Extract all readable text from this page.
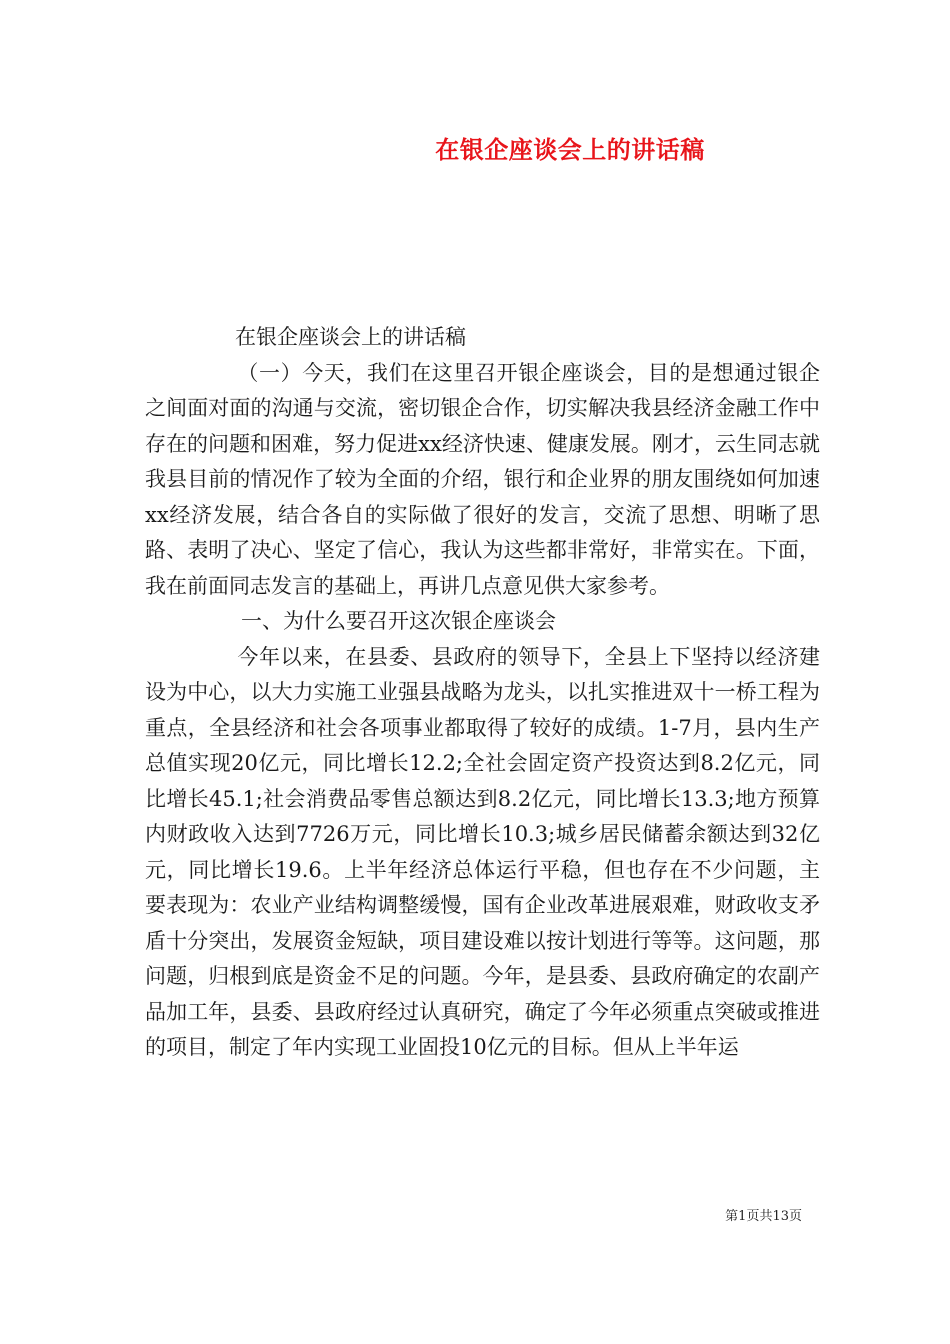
在银企座谈会上的讲话稿

在银企座谈会上的讲话稿

（一）今天，我们在这里召开银企座谈会，目的是想通过银企之间面对面的沟通与交流，密切银企合作，切实解决我县经济金融工作中存在的问题和困难，努力促进xx经济快速、健康发展。刚才，云生同志就我县目前的情况作了较为全面的介绍，银行和企业界的朋友围绕如何加速xx经济发展，结合各自的实际做了很好的发言，交流了思想、明晰了思路、表明了决心、坚定了信心，我认为这些都非常好，非常实在。下面，我在前面同志发言的基础上，再讲几点意见供大家参考。

一、为什么要召开这次银企座谈会

今年以来，在县委、县政府的领导下，全县上下坚持以经济建设为中心，以大力实施工业强县战略为龙头，以扎实推进双十一桥工程为重点，全县经济和社会各项事业都取得了较好的成绩。1-7月，县内生产总值实现20亿元，同比增长12.2;全社会固定资产投资达到8.2亿元，同比增长45.1;社会消费品零售总额达到8.2亿元，同比增长13.3;地方预算内财政收入达到7726万元，同比增长10.3;城乡居民储蓄余额达到32亿元，同比增长19.6。上半年经济总体运行平稳，但也存在不少问题，主要表现为：农业产业结构调整缓慢，国有企业改革进展艰难，财政收支矛盾十分突出，发展资金短缺，项目建设难以按计划进行等等。这问题，那问题，归根到底是资金不足的问题。今年，是县委、县政府确定的农副产品加工年，县委、县政府经过认真研究，确定了今年必须重点突破或推进的项目，制定了年内实现工业固投10亿元的目标。但从上半年运

第1页共13页
